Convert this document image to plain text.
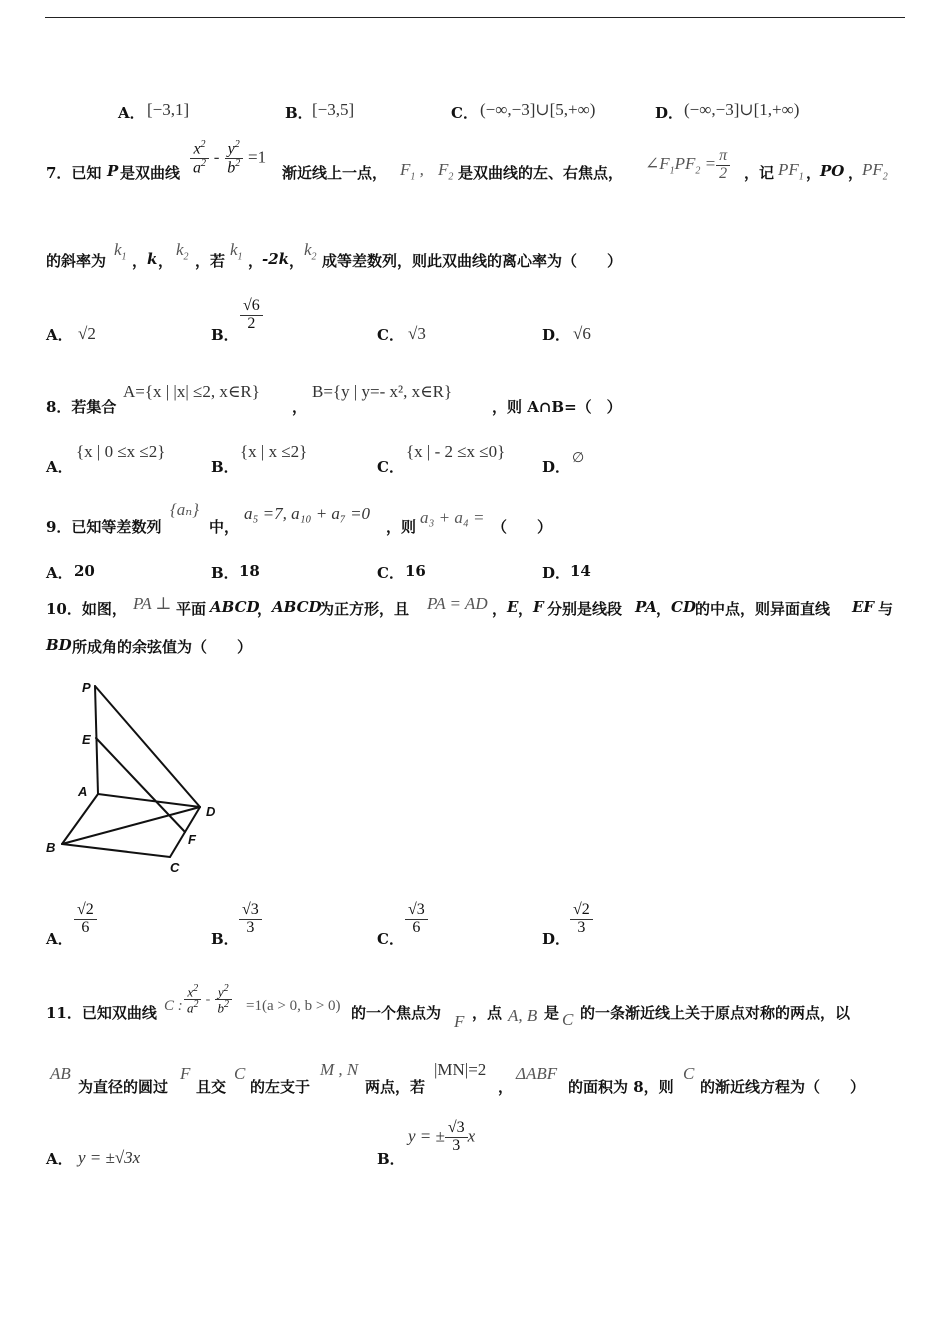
A． [−3,1]	B． [−3,5]	C． (−∞,−3]∪[5,+∞)	D． (−∞,−3]∪[1,+∞)
7．已知 P 是双曲线 $\frac{x^2}{a^2} - \frac{y^2}{b^2} =1$
渐近线上一点， $F_1$ , $F_2$ 是双曲线的左、右焦点， $\angle F_1PF_2 = \frac{\pi}{2}$ ，记 $PF_1$ ，
PO ，
$PF_2$
的斜率为
$k_1$ ， k ，
$k_2$ ，若
$k_1$ ，
-2k ，
$k_2$ 成等差数列，则此双曲线的离心率为（　　）
A． √2	B．
$\frac{√6}{2}$
C． √3	D． √6
8．若集合
A={x | |x| ≤2, x∈R}
，
B={y | y=- x², x∈R}
，则 A∩B=（　）
A．
{x | 0 ≤x ≤2}
B．
{x | x ≤2}
C．
{x | - 2 ≤x ≤0}
D． ∅
9．已知等差数列
{aₙ}
中，
a₅ =7, a₁₀ + a₇ =0
，则 a₃ + a₄ = （　　）
A． 20	B． 18	C． 16	D． 14
10．如图， PA ⊥ 平面 ABCD
， ABCD
为正方形，且 PA = AD ， E ， F 分别是线段 PA ， CD 的中点，则异面直线 EF 与
BD 所成角的余弦值为（　　）
P
E
A
D
B
F
C
A．
$\frac{√2}{6}$
B．
$\frac{√3}{3}$
C．
$\frac{√3}{6}$
D．
$\frac{√2}{3}$
11．已知双曲线 C : $\frac{x^2}{a^2} - \frac{y^2}{b^2} =1(a > 0$, b > 0) 的一个焦点为 F ，点 A, B 是 C 的一条渐近线上关于原点对称的两点，以
AB
为直径的圆过
F
且交
C
的左支于
M , N
两点，若
|MN|=2
，
ΔABF
的面积为 8，则
C
的渐近线方程为（　　）
A． y = ±√3x	B．
y = ± $\frac{√3}{3}$ x
